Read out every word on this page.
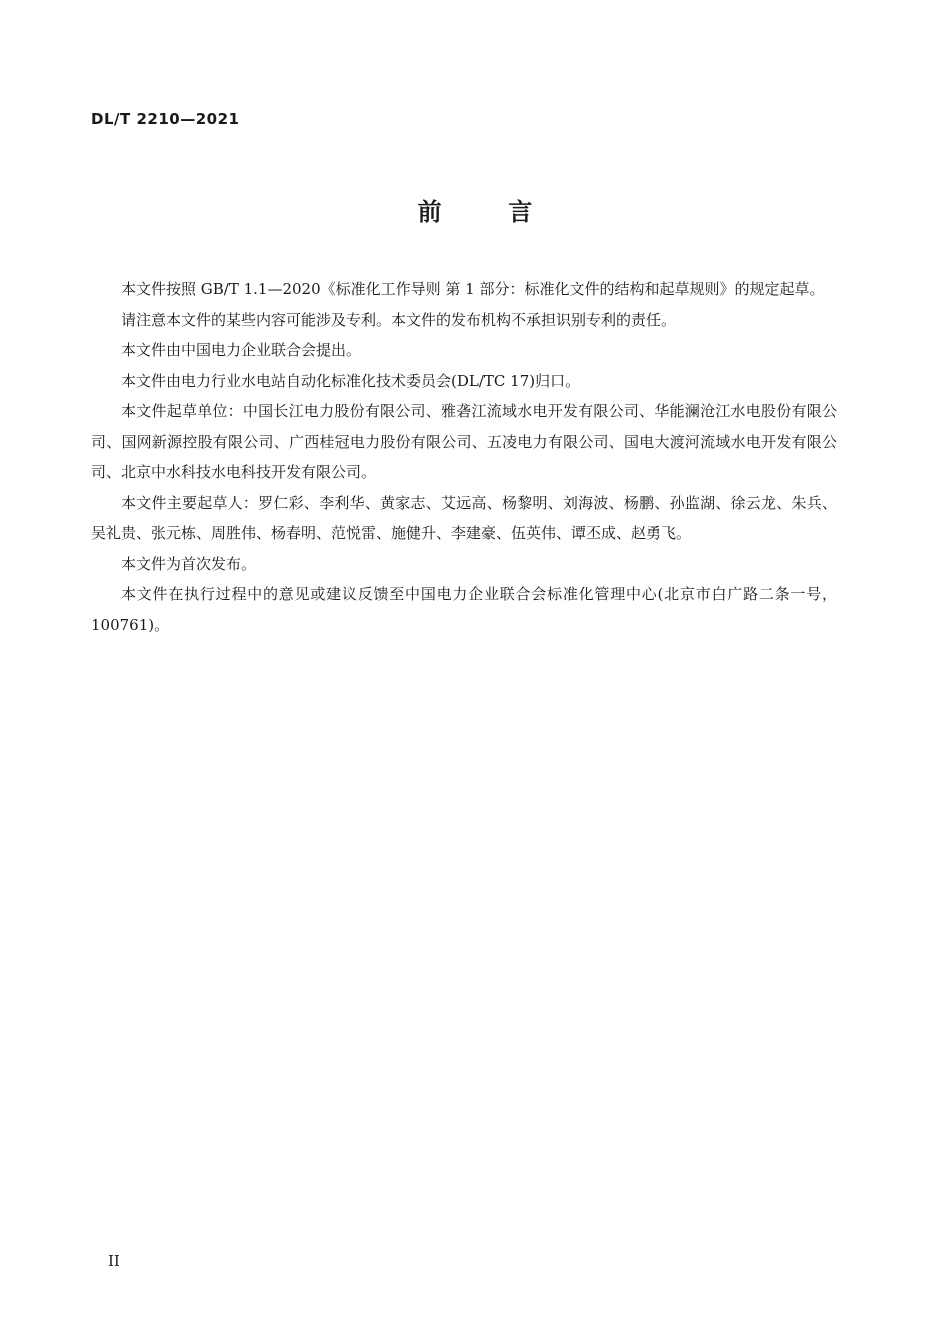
DL/T 2210—2021
前        言

本文件按照 GB/T 1.1—2020《标准化工作导则 第 1 部分：标准化文件的结构和起草规则》的规定起草。

请注意本文件的某些内容可能涉及专利。本文件的发布机构不承担识别专利的责任。

本文件由中国电力企业联合会提出。

本文件由电力行业水电站自动化标准化技术委员会(DL/TC 17)归口。

本文件起草单位：中国长江电力股份有限公司、雅砻江流域水电开发有限公司、华能澜沧江水电股份有限公司、国网新源控股有限公司、广西桂冠电力股份有限公司、五凌电力有限公司、国电大渡河流域水电开发有限公司、北京中水科技水电科技开发有限公司。

本文件主要起草人：罗仁彩、李利华、黄家志、艾远高、杨黎明、刘海波、杨鹏、孙监湖、徐云龙、朱兵、吴礼贵、张元栋、周胜伟、杨春明、范悦雷、施健升、李建豪、伍英伟、谭丕成、赵勇飞。

本文件为首次发布。

本文件在执行过程中的意见或建议反馈至中国电力企业联合会标准化管理中心(北京市白广路二条一号，100761)。

II
